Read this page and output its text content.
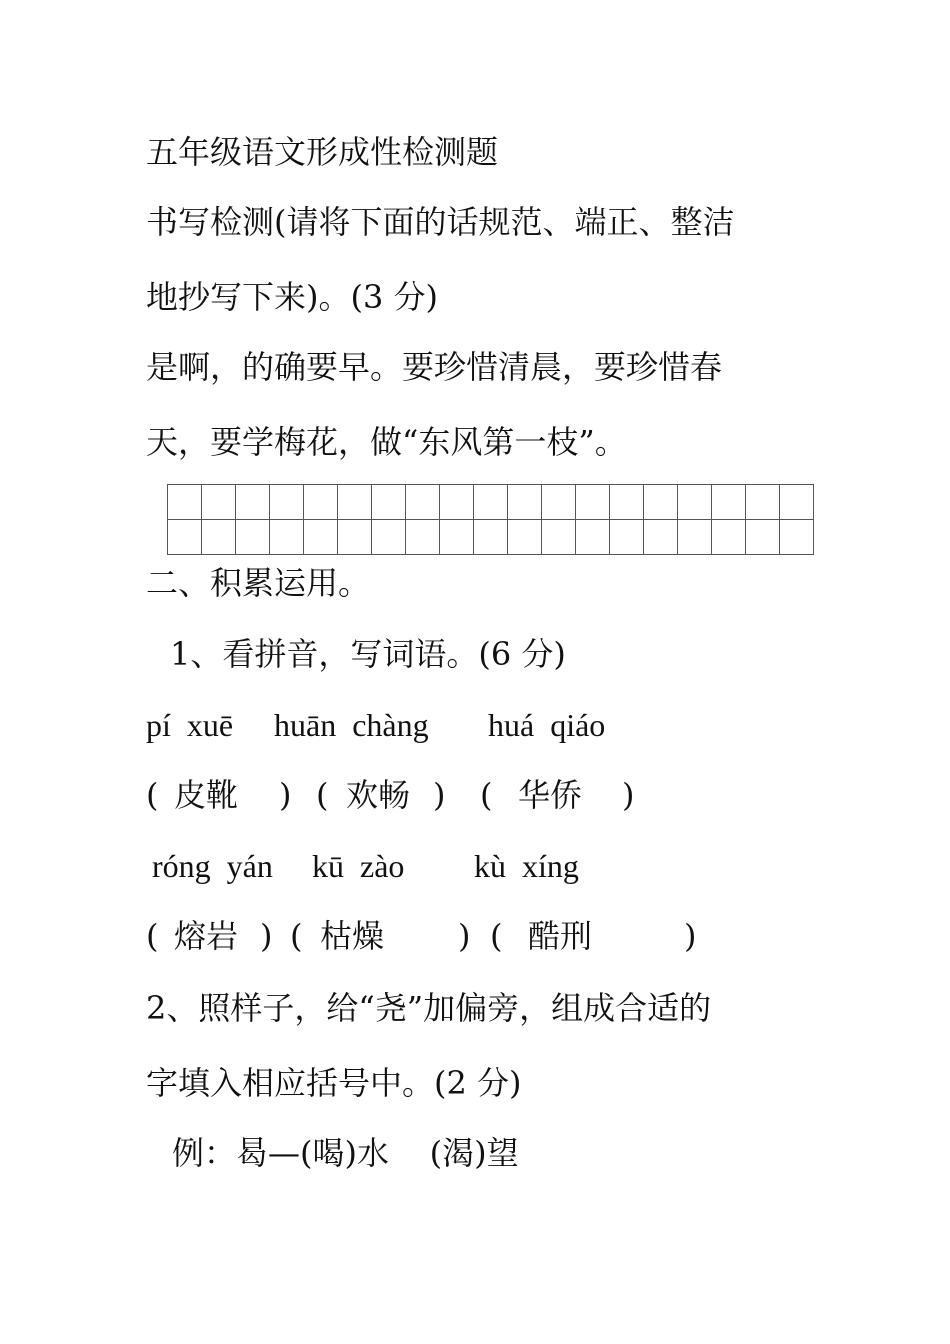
五年级语文形成性检测题
书写检测(请将下面的话规范、端正、整洁
地抄写下来)。(3 分)
是啊，的确要早。要珍惜清晨，要珍惜春
天，要学梅花，做“东风第一枝”。

二、积累运用。
1、看拼音，写词语。(6 分)
pí  xuē huān  chàng huá  qiáo
( 皮靴 ) ( 欢畅 ) ( 华侨 )
róng  yán kū  zào kù  xíng
( 熔岩 ) ( 枯燥 ) ( 酷刑	)
2、照样子，给“尧”加偏旁，组成合适的
字填入相应括号中。(2 分)
例：曷—(喝)水    (渴)望
